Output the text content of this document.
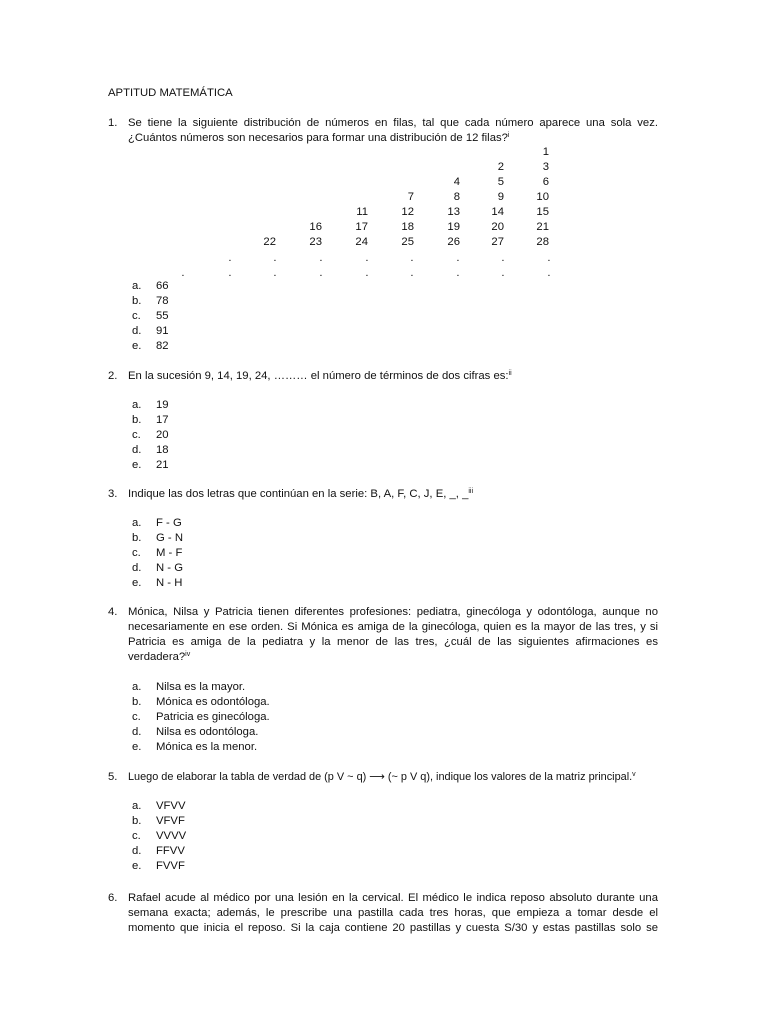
APTITUD MATEMÁTICA
1. Se tiene la siguiente distribución de números en filas, tal que cada número aparece una sola vez.
¿Cuántos números son necesarios para formar una distribución de 12 filas?$^i$
1
2	3
4	5	6
7	8	9	10
11	12	13	14	15
16	17	18	19	20	21
22	23	24	25	26	27	28
.	.	.	.	.	.	.	.
.	.	.	.	.	.	.	.	.
a.	66
b.	78
c.	55
d.	91
e.	82
2. En la sucesión 9, 14, 19, 24, ……… el número de términos de dos cifras es:$^{ii}$
a.	19
b.	17
c.	20
d.	18
e.	21
3. Indique las dos letras que continúan en la serie: B, A, F, C, J, E, _, _$^{iii}$
a.	F - G
b.	G - N
c.	M - F
d.	N - G
e.	N - H
4. Mónica, Nilsa y Patricia tienen diferentes profesiones: pediatra, ginecóloga y odontóloga, aunque no
necesariamente en ese orden. Si Mónica es amiga de la ginecóloga, quien es la mayor de las tres, y si
Patricia es amiga de la pediatra y la menor de las tres, ¿cuál de las siguientes afirmaciones es
verdadera?$^{iv}$
a.	Nilsa es la mayor.
b.	Mónica es odontóloga.
c.	Patricia es ginecóloga.
d.	Nilsa es odontóloga.
e.	Mónica es la menor.
5. Luego de elaborar la tabla de verdad de (p V ~ q) ⟶ (~ p V q), indique los valores de la matriz principal.$^v$
a.	VFVV
b.	VFVF
c.	VVVV
d.	FFVV
e.	FVVF
6. Rafael acude al médico por una lesión en la cervical. El médico le indica reposo absoluto durante una
semana exacta; además, le prescribe una pastilla cada tres horas, que empieza a tomar desde el
momento que inicia el reposo. Si la caja contiene 20 pastillas y cuesta S/30 y estas pastillas solo se
